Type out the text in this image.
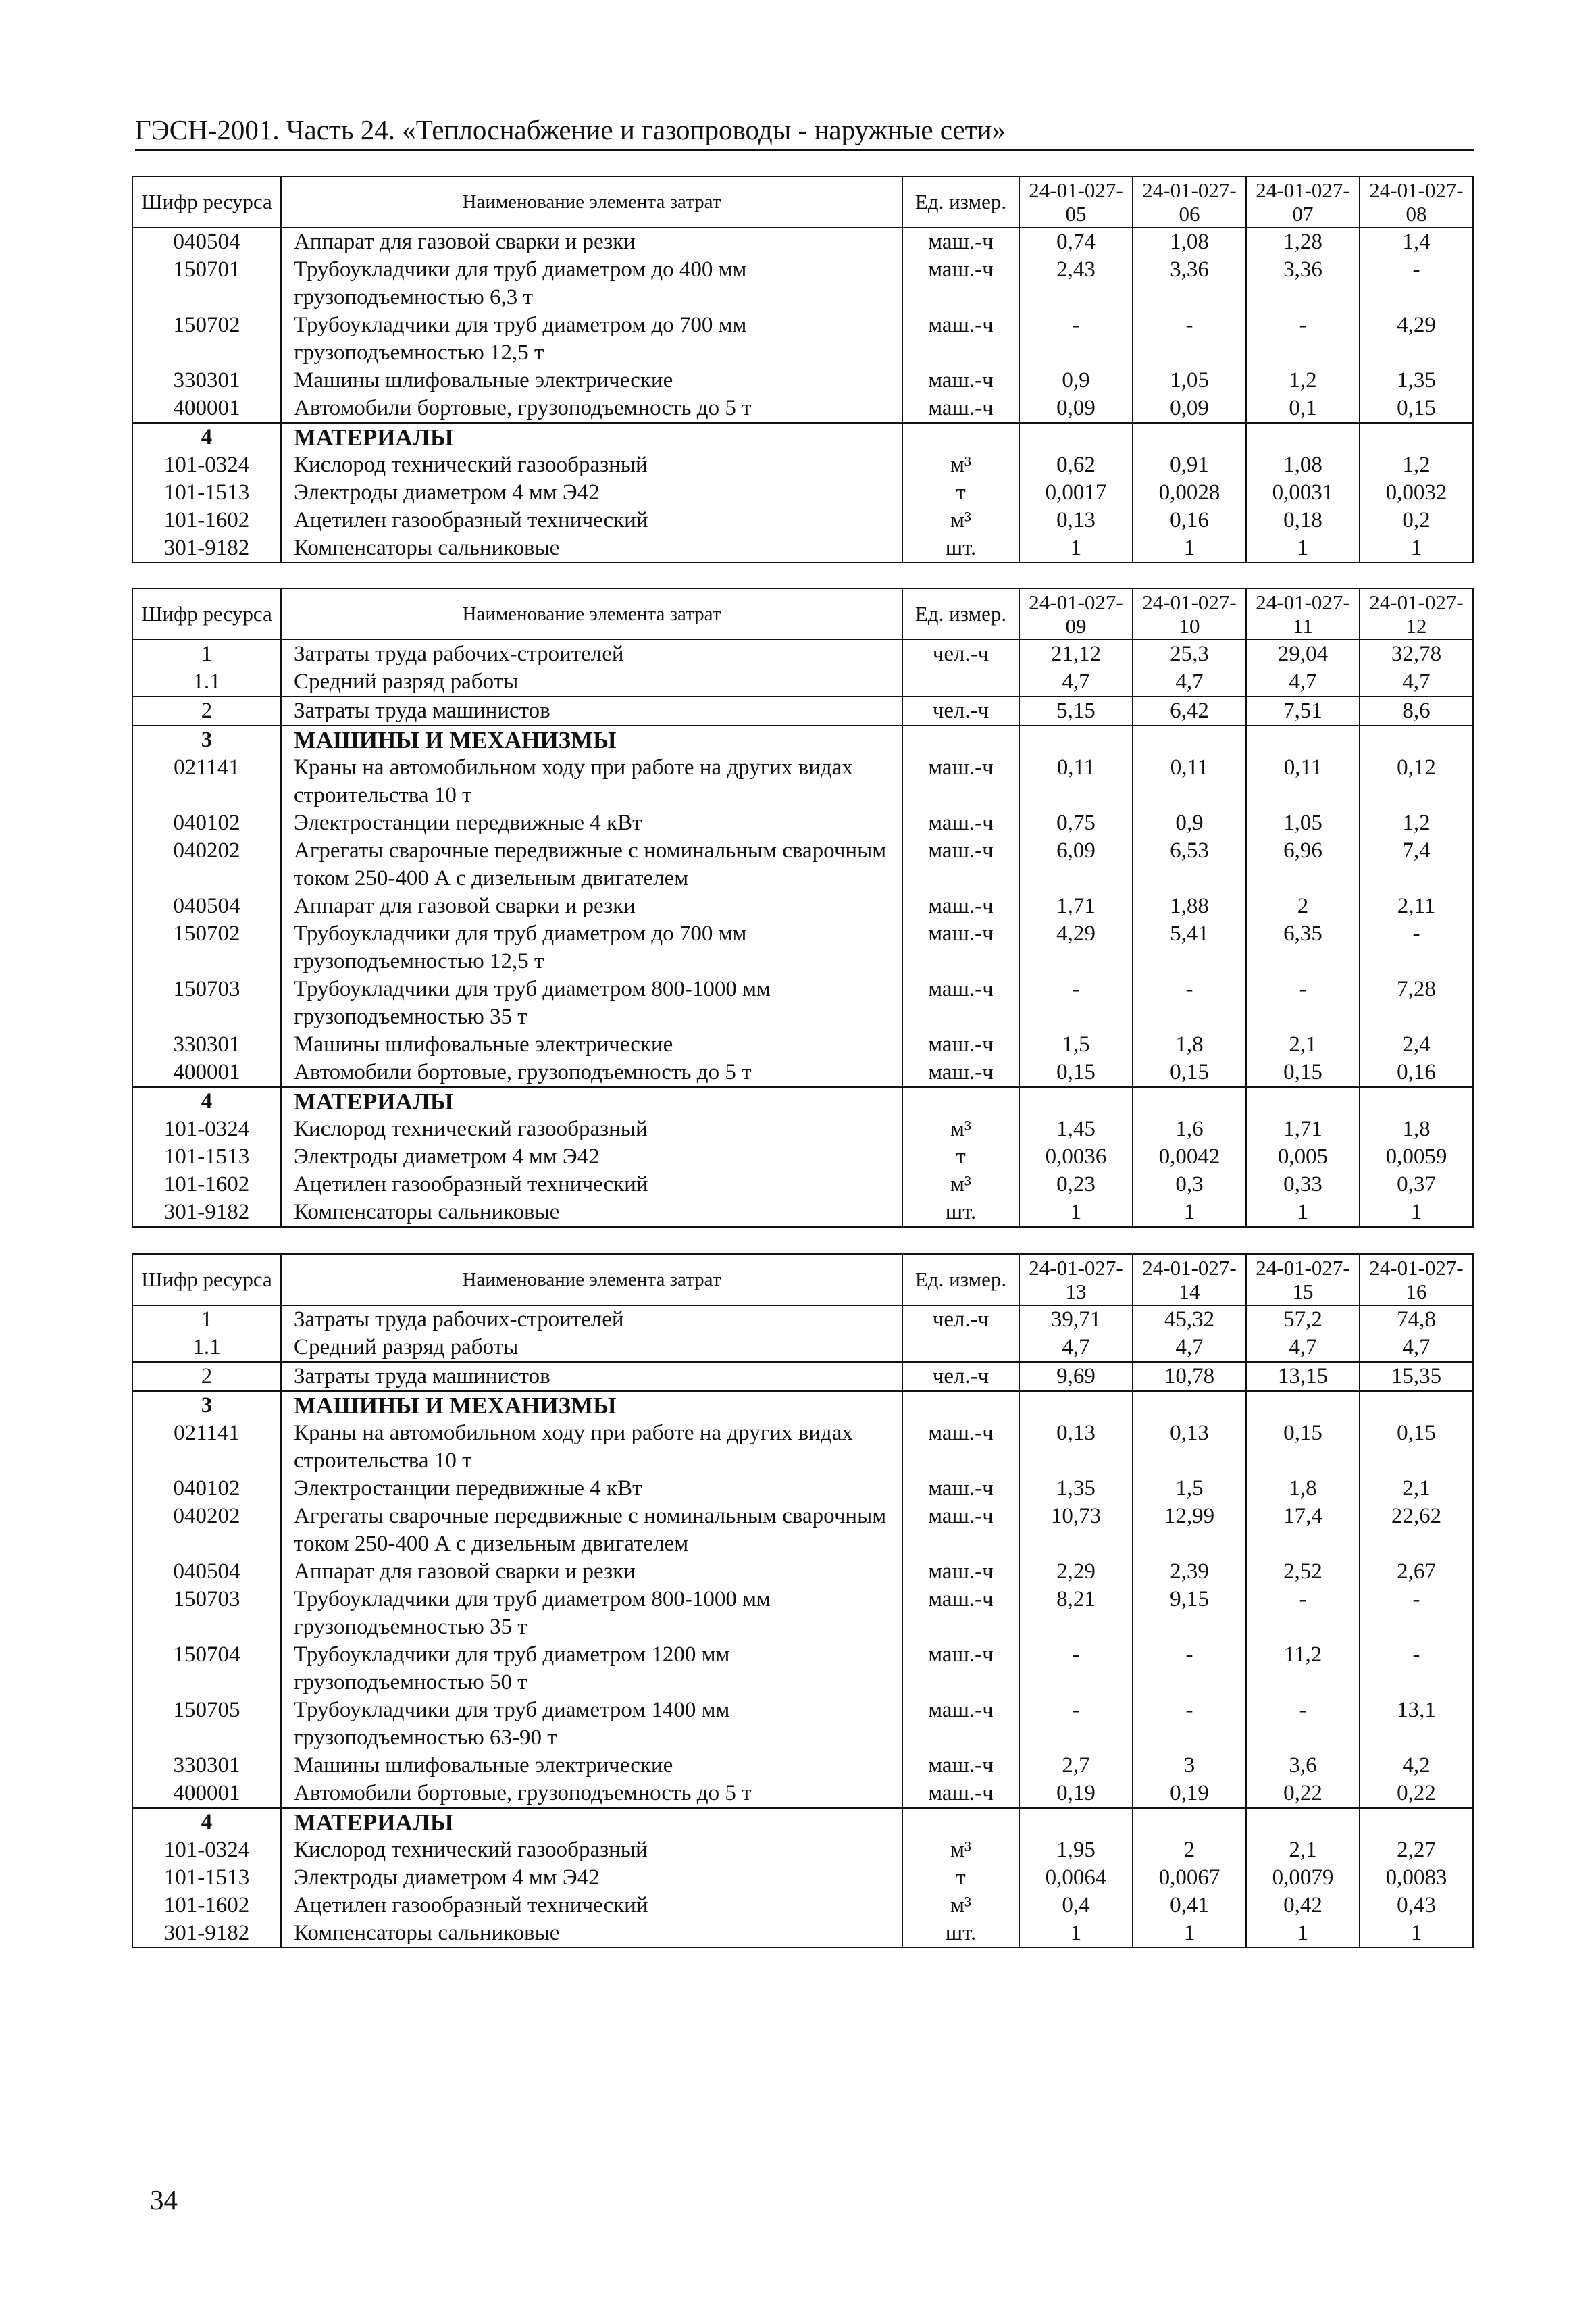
ГЭСН-2001. Часть 24. «Теплоснабжение и газопроводы - наружные сети»
Шифр ресурса	Наименование элемента затрат	Ед. измер.	24-01-027-05	24-01-027-06	24-01-027-07	24-01-027-08
040504	Аппарат для газовой сварки и резки	маш.-ч	0,74	1,08	1,28	1,4
150701	Трубоукладчики для труб диаметром до 400 мм грузоподъемностью 6,3 т	маш.-ч	2,43	3,36	3,36	-
150702	Трубоукладчики для труб диаметром до 700 мм грузоподъемностью 12,5 т	маш.-ч	-	-	-	4,29
330301	Машины шлифовальные электрические	маш.-ч	0,9	1,05	1,2	1,35
400001	Автомобили бортовые, грузоподъемность до 5 т	маш.-ч	0,09	0,09	0,1	0,15
4	МАТЕРИАЛЫ					
101-0324	Кислород технический газообразный	м³	0,62	0,91	1,08	1,2
101-1513	Электроды диаметром 4 мм Э42	т	0,0017	0,0028	0,0031	0,0032
101-1602	Ацетилен газообразный технический	м³	0,13	0,16	0,18	0,2
301-9182	Компенсаторы сальниковые	шт.	1	1	1	1
Шифр ресурса	Наименование элемента затрат	Ед. измер.	24-01-027-09	24-01-027-10	24-01-027-11	24-01-027-12
1	Затраты труда рабочих-строителей	чел.-ч	21,12	25,3	29,04	32,78
1.1	Средний разряд работы		4,7	4,7	4,7	4,7
2	Затраты труда машинистов	чел.-ч	5,15	6,42	7,51	8,6
3	МАШИНЫ И МЕХАНИЗМЫ					
021141	Краны на автомобильном ходу при работе на других видах строительства 10 т	маш.-ч	0,11	0,11	0,11	0,12
040102	Электростанции передвижные 4 кВт	маш.-ч	0,75	0,9	1,05	1,2
040202	Агрегаты сварочные передвижные с номинальным сварочным током 250-400 А с дизельным двигателем	маш.-ч	6,09	6,53	6,96	7,4
040504	Аппарат для газовой сварки и резки	маш.-ч	1,71	1,88	2	2,11
150702	Трубоукладчики для труб диаметром до 700 мм грузоподъемностью 12,5 т	маш.-ч	4,29	5,41	6,35	-
150703	Трубоукладчики для труб диаметром 800-1000 мм грузоподъемностью 35 т	маш.-ч	-	-	-	7,28
330301	Машины шлифовальные электрические	маш.-ч	1,5	1,8	2,1	2,4
400001	Автомобили бортовые, грузоподъемность до 5 т	маш.-ч	0,15	0,15	0,15	0,16
4	МАТЕРИАЛЫ					
101-0324	Кислород технический газообразный	м³	1,45	1,6	1,71	1,8
101-1513	Электроды диаметром 4 мм Э42	т	0,0036	0,0042	0,005	0,0059
101-1602	Ацетилен газообразный технический	м³	0,23	0,3	0,33	0,37
301-9182	Компенсаторы сальниковые	шт.	1	1	1	1
Шифр ресурса	Наименование элемента затрат	Ед. измер.	24-01-027-13	24-01-027-14	24-01-027-15	24-01-027-16
1	Затраты труда рабочих-строителей	чел.-ч	39,71	45,32	57,2	74,8
1.1	Средний разряд работы		4,7	4,7	4,7	4,7
2	Затраты труда машинистов	чел.-ч	9,69	10,78	13,15	15,35
3	МАШИНЫ И МЕХАНИЗМЫ					
021141	Краны на автомобильном ходу при работе на других видах строительства 10 т	маш.-ч	0,13	0,13	0,15	0,15
040102	Электростанции передвижные 4 кВт	маш.-ч	1,35	1,5	1,8	2,1
040202	Агрегаты сварочные передвижные с номинальным сварочным током 250-400 А с дизельным двигателем	маш.-ч	10,73	12,99	17,4	22,62
040504	Аппарат для газовой сварки и резки	маш.-ч	2,29	2,39	2,52	2,67
150703	Трубоукладчики для труб диаметром 800-1000 мм грузоподъемностью 35 т	маш.-ч	8,21	9,15	-	-
150704	Трубоукладчики для труб диаметром 1200 мм грузоподъемностью 50 т	маш.-ч	-	-	11,2	-
150705	Трубоукладчики для труб диаметром 1400 мм грузоподъемностью 63-90 т	маш.-ч	-	-	-	13,1
330301	Машины шлифовальные электрические	маш.-ч	2,7	3	3,6	4,2
400001	Автомобили бортовые, грузоподъемность до 5 т	маш.-ч	0,19	0,19	0,22	0,22
4	МАТЕРИАЛЫ					
101-0324	Кислород технический газообразный	м³	1,95	2	2,1	2,27
101-1513	Электроды диаметром 4 мм Э42	т	0,0064	0,0067	0,0079	0,0083
101-1602	Ацетилен газообразный технический	м³	0,4	0,41	0,42	0,43
301-9182	Компенсаторы сальниковые	шт.	1	1	1	1
34
